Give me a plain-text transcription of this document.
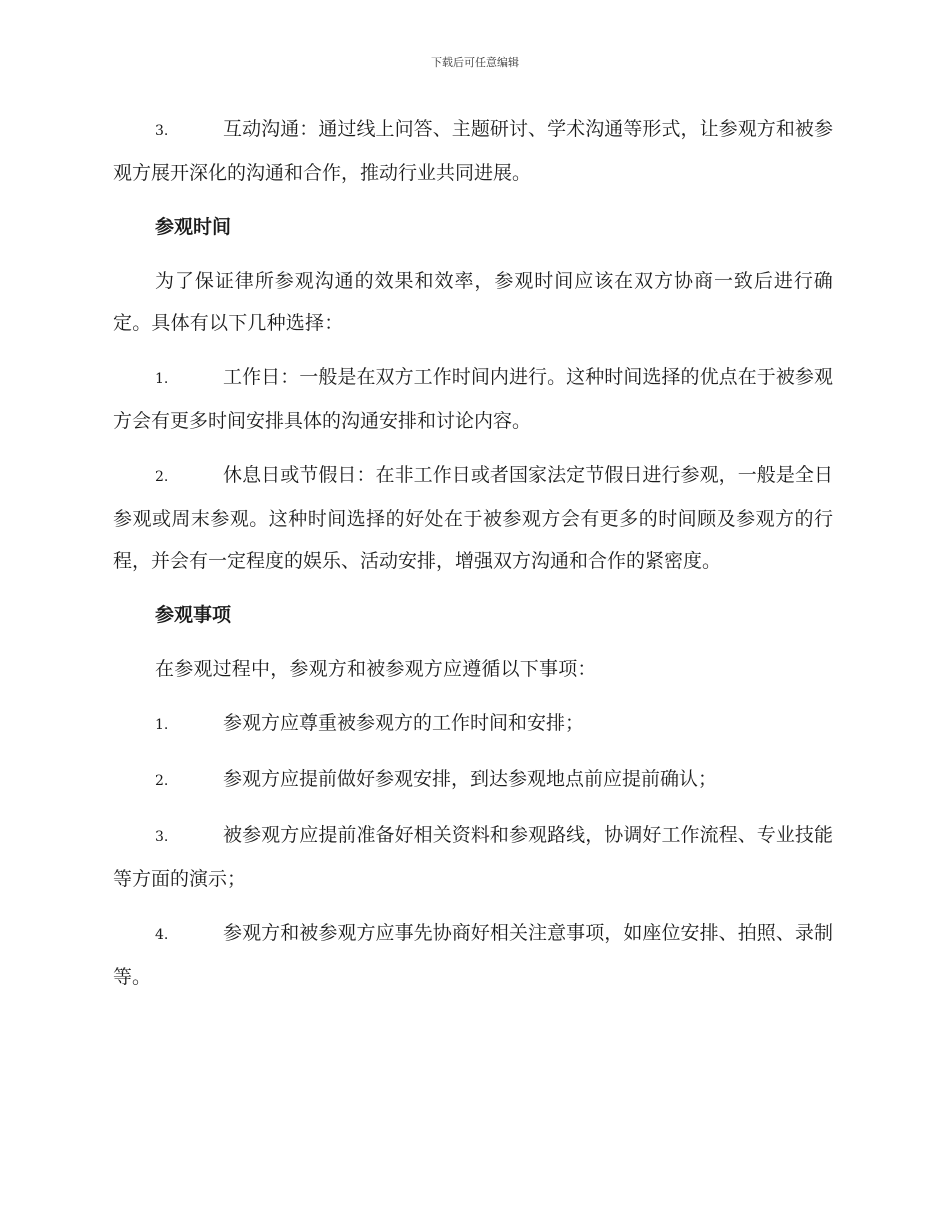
下载后可任意编辑

3.	互动沟通：通过线上问答、主题研讨、学术沟通等形式，让参观方和被参观方展开深化的沟通和合作，推动行业共同进展。

参观时间

为了保证律所参观沟通的效果和效率，参观时间应该在双方协商一致后进行确定。具体有以下几种选择：

1.	工作日：一般是在双方工作时间内进行。这种时间选择的优点在于被参观方会有更多时间安排具体的沟通安排和讨论内容。

2.	休息日或节假日：在非工作日或者国家法定节假日进行参观，一般是全日参观或周末参观。这种时间选择的好处在于被参观方会有更多的时间顾及参观方的行程，并会有一定程度的娱乐、活动安排，增强双方沟通和合作的紧密度。

参观事项

在参观过程中，参观方和被参观方应遵循以下事项：

1.	参观方应尊重被参观方的工作时间和安排；

2.	参观方应提前做好参观安排，到达参观地点前应提前确认；

3.	被参观方应提前准备好相关资料和参观路线，协调好工作流程、专业技能等方面的演示；

4.	参观方和被参观方应事先协商好相关注意事项，如座位安排、拍照、录制等。
